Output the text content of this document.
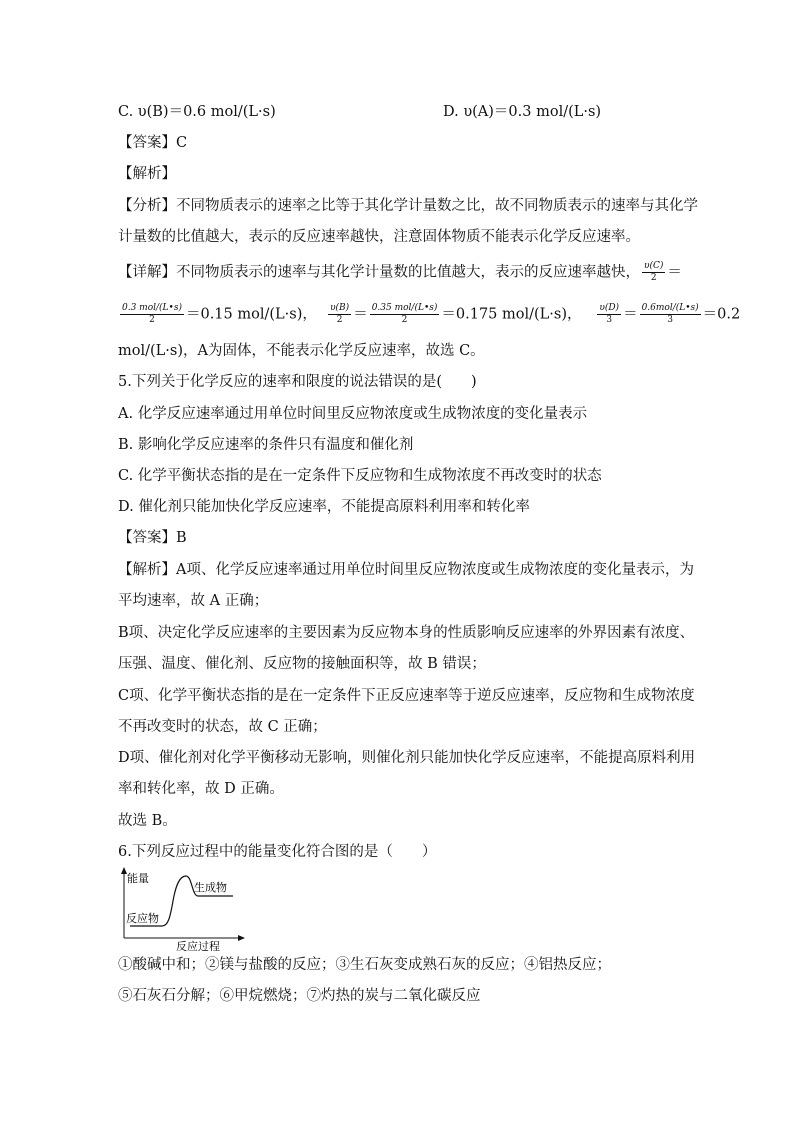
C. υ(B)＝0.6 mol/(L·s)	D. υ(A)＝0.3 mol/(L·s)
【答案】C
【解析】
【分析】不同物质表示的速率之比等于其化学计量数之比，故不同物质表示的速率与其化学
计量数的比值越大，表示的反应速率越快，注意固体物质不能表示化学反应速率。
【详解】不同物质表示的速率与其化学计量数的比值越大，表示的反应速率越快， $\frac{\upsilon(C)}{2}$ ＝
$\frac{\text{0.3 mol/(L•s)}}{2} =0.15$ mol/(L·s)， $\frac{\upsilon(B)}{2} = \frac{\text{0.35 mol/(L•s)}}{2} =0.175$ mol/(L·s)， $\frac{\upsilon(D)}{3} = \frac{\text{0.6mol/(L•s)}}{3} =0.2$
mol/(L·s)，A为固体，不能表示化学反应速率，故选 C。
5.下列关于化学反应的速率和限度的说法错误的是(　　)
A. 化学反应速率通过用单位时间里反应物浓度或生成物浓度的变化量表示
B. 影响化学反应速率的条件只有温度和催化剂
C. 化学平衡状态指的是在一定条件下反应物和生成物浓度不再改变时的状态
D. 催化剂只能加快化学反应速率，不能提高原料利用率和转化率
【答案】B
【解析】A项、化学反应速率通过用单位时间里反应物浓度或生成物浓度的变化量表示，为
平均速率，故 A 正确；
B项、决定化学反应速率的主要因素为反应物本身的性质影响反应速率的外界因素有浓度、
压强、温度、催化剂、反应物的接触面积等，故 B 错误；
C项、化学平衡状态指的是在一定条件下正反应速率等于逆反应速率，反应物和生成物浓度
不再改变时的状态，故 C 正确；
D项、催化剂对化学平衡移动无影响，则催化剂只能加快化学反应速率，不能提高原料利用
率和转化率，故 D 正确。
故选 B。
6.下列反应过程中的能量变化符合图的是（　　）
能量
生成物
反应物
反应过程
①酸碱中和；②镁与盐酸的反应；③生石灰变成熟石灰的反应；④铝热反应；
⑤石灰石分解；⑥甲烷燃烧；⑦灼热的炭与二氧化碳反应
